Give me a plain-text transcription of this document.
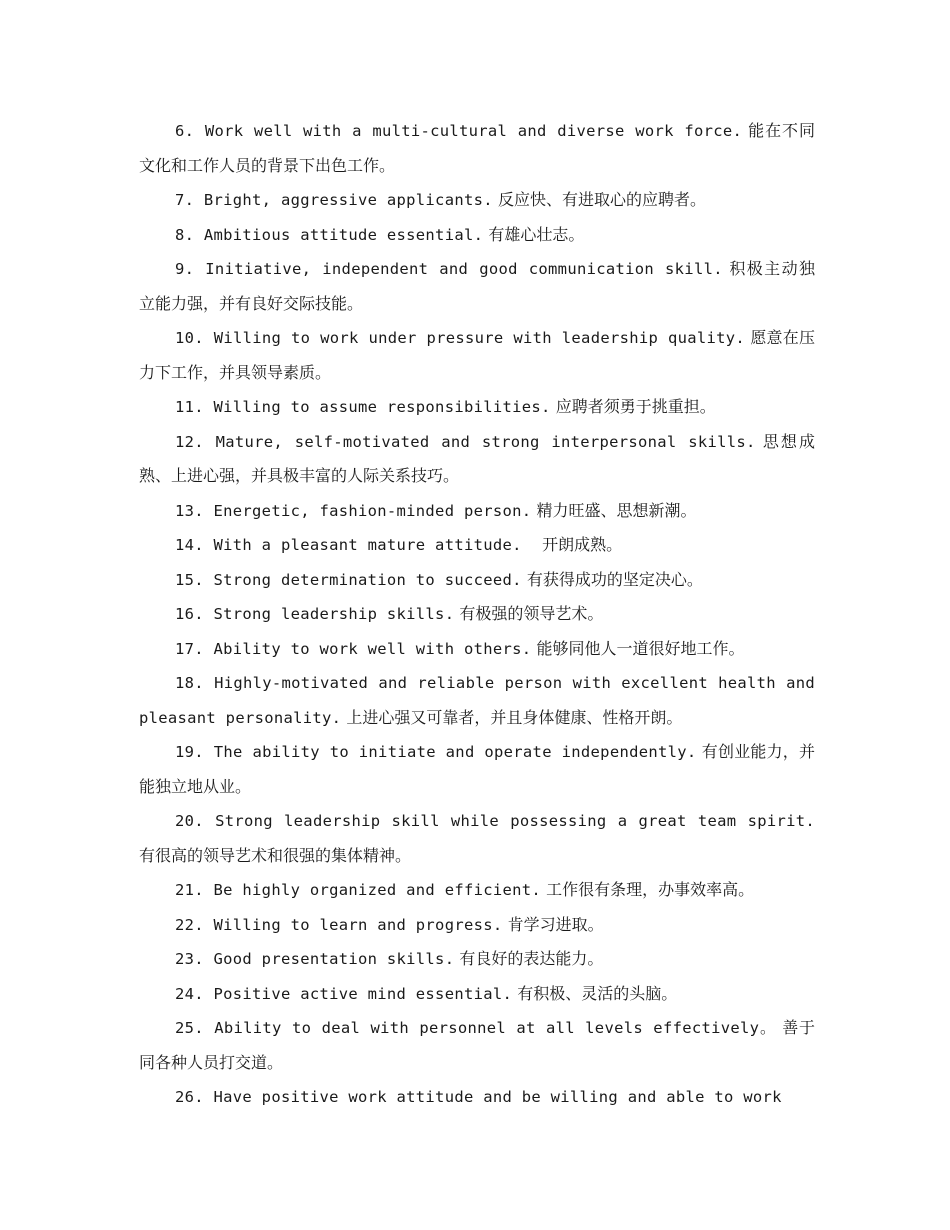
6. Work well with a multi-cultural and diverse work force. 能在不同文化和工作人员的背景下出色工作。

7. Bright, aggressive applicants. 反应快、有进取心的应聘者。

8. Ambitious attitude essential. 有雄心壮志。

9. Initiative, independent and good communication skill. 积极主动独立能力强，并有良好交际技能。

10. Willing to work under pressure with leadership quality. 愿意在压力下工作，并具领导素质。

11. Willing to assume responsibilities. 应聘者须勇于挑重担。

12. Mature, self-motivated and strong interpersonal skills. 思想成熟、上进心强，并具极丰富的人际关系技巧。

13. Energetic, fashion-minded person. 精力旺盛、思想新潮。

14. With a pleasant mature attitude. 开朗成熟。

15. Strong determination to succeed. 有获得成功的坚定决心。

16. Strong leadership skills. 有极强的领导艺术。

17. Ability to work well with others. 能够同他人一道很好地工作。

18. Highly-motivated and reliable person with excellent health and pleasant personality. 上进心强又可靠者，并且身体健康、性格开朗。

19. The ability to initiate and operate independently. 有创业能力，并能独立地从业。

20. Strong leadership skill while possessing a great team spirit. 有很高的领导艺术和很强的集体精神。

21. Be highly organized and efficient. 工作很有条理，办事效率高。

22. Willing to learn and progress. 肯学习进取。

23. Good presentation skills. 有良好的表达能力。

24. Positive active mind essential. 有积极、灵活的头脑。

25. Ability to deal with personnel at all levels effectively。 善于同各种人员打交道。

26. Have positive work attitude and be willing and able to work
